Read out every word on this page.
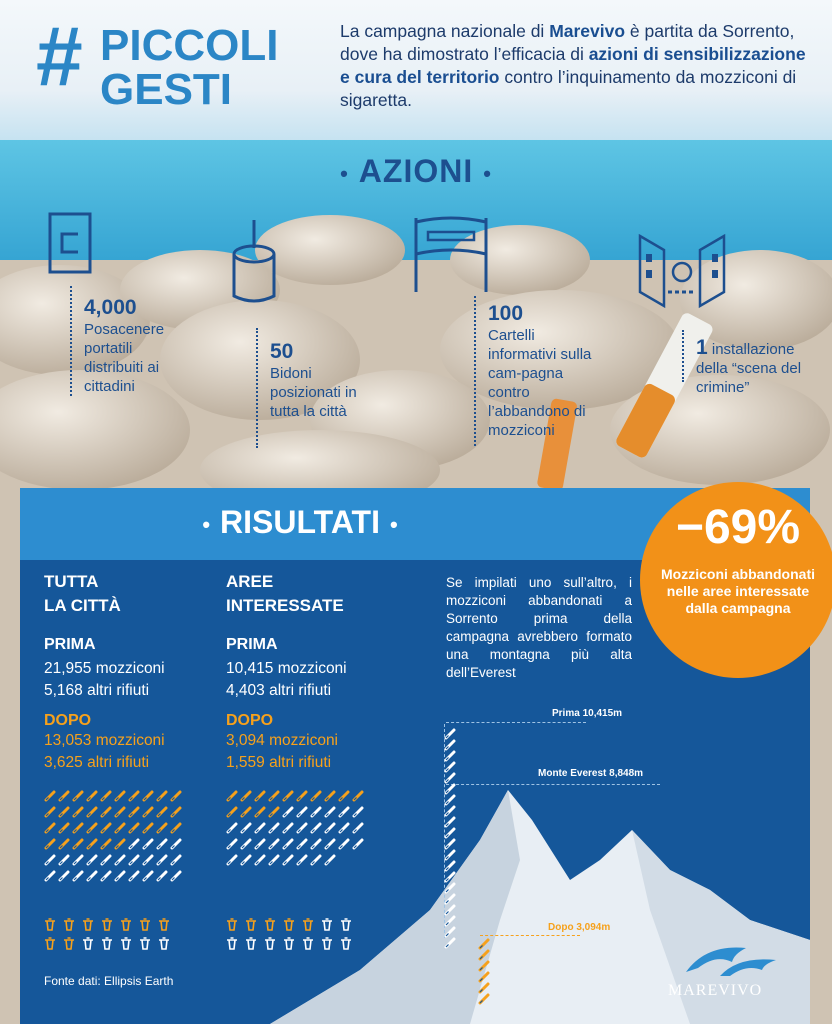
# PICCOLI
GESTI
La campagna nazionale di Marevivo è partita da Sorrento, dove ha dimostrato l’efficacia di azioni di sensibilizzazione e cura del territorio contro l’inquinamento da mozziconi di sigaretta.
• AZIONI •
4,000
Posacenere portatili distribuiti ai cittadini
50
Bidoni posizionati in tutta la città
100
Cartelli informativi sulla cam-pagna contro l’abbandono di mozziconi
1 installazione della “scena del crimine”
• RISULTATI •
Prima 10,415m
Monte Everest 8,848m
Dopo 3,094m
TUTTA
LA CITTÀ
PRIMA
21,955 mozziconi
5,168 altri rifiuti
DOPO
13,053 mozziconi
3,625 altri rifiuti
AREE
INTERESSATE
PRIMA
10,415 mozziconi
4,403 altri rifiuti
DOPO
3,094 mozziconi
1,559 altri rifiuti
Se impilati uno sull’altro, i mozziconi abbandonati a Sorrento prima della campagna avrebbero formato una montagna più alta dell’Everest
−69%
Mozziconi abbandonati nelle aree interessate dalla campagna
Fonte dati: Ellipsis Earth
MAREVIVO
